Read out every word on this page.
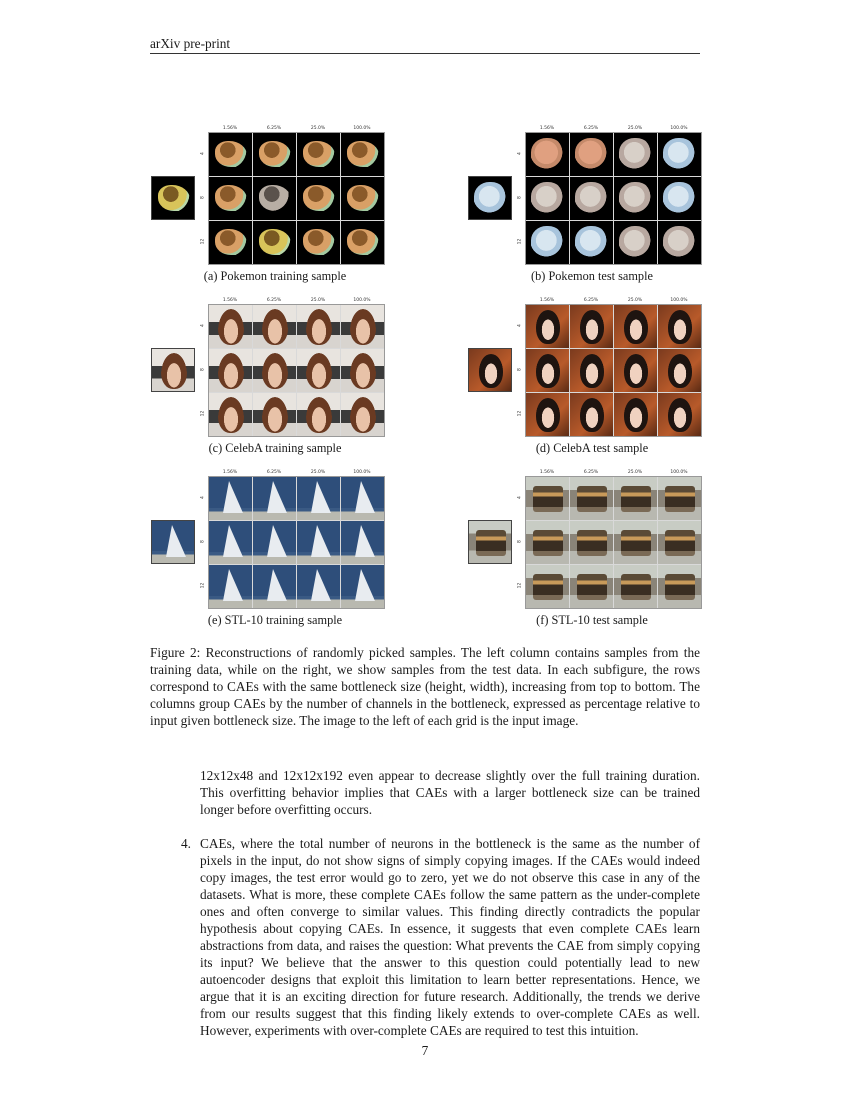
arXiv pre-print
1.56%	6.25%	25.0%	100.0%
4
8
12
(a) Pokemon training sample
1.56%	6.25%	25.0%	100.0%
4
8
12
(b) Pokemon test sample
1.56%	6.25%	25.0%	100.0%
4
8
12
(c) CelebA training sample
1.56%	6.25%	25.0%	100.0%
4
8
12
(d) CelebA test sample
1.56%	6.25%	25.0%	100.0%
4
8
12
(e) STL-10 training sample
1.56%	6.25%	25.0%	100.0%
4
8
12
(f) STL-10 test sample
Figure 2: Reconstructions of randomly picked samples. The left column contains samples from the training data, while on the right, we show samples from the test data. In each subfigure, the rows correspond to CAEs with the same bottleneck size (height, width), increasing from top to bottom. The columns group CAEs by the number of channels in the bottleneck, expressed as percentage relative to input given bottleneck size. The image to the left of each grid is the input image.
12x12x48 and 12x12x192 even appear to decrease slightly over the full training duration. This overfitting behavior implies that CAEs with a larger bottleneck size can be trained longer before overfitting occurs.
4. CAEs, where the total number of neurons in the bottleneck is the same as the number of pixels in the input, do not show signs of simply copying images. If the CAEs would indeed copy images, the test error would go to zero, yet we do not observe this case in any of the datasets. What is more, these complete CAEs follow the same pattern as the under-complete ones and often converge to similar values. This finding directly contradicts the popular hypothesis about copying CAEs. In essence, it suggests that even complete CAEs learn abstractions from data, and raises the question: What prevents the CAE from simply copying its input? We believe that the answer to this question could potentially lead to new autoencoder designs that exploit this limitation to learn better representations. Hence, we argue that it is an exciting direction for future research. Additionally, the trends we derive from our results suggest that this finding likely extends to over-complete CAEs as well. However, experiments with over-complete CAEs are required to test this intuition.
7
